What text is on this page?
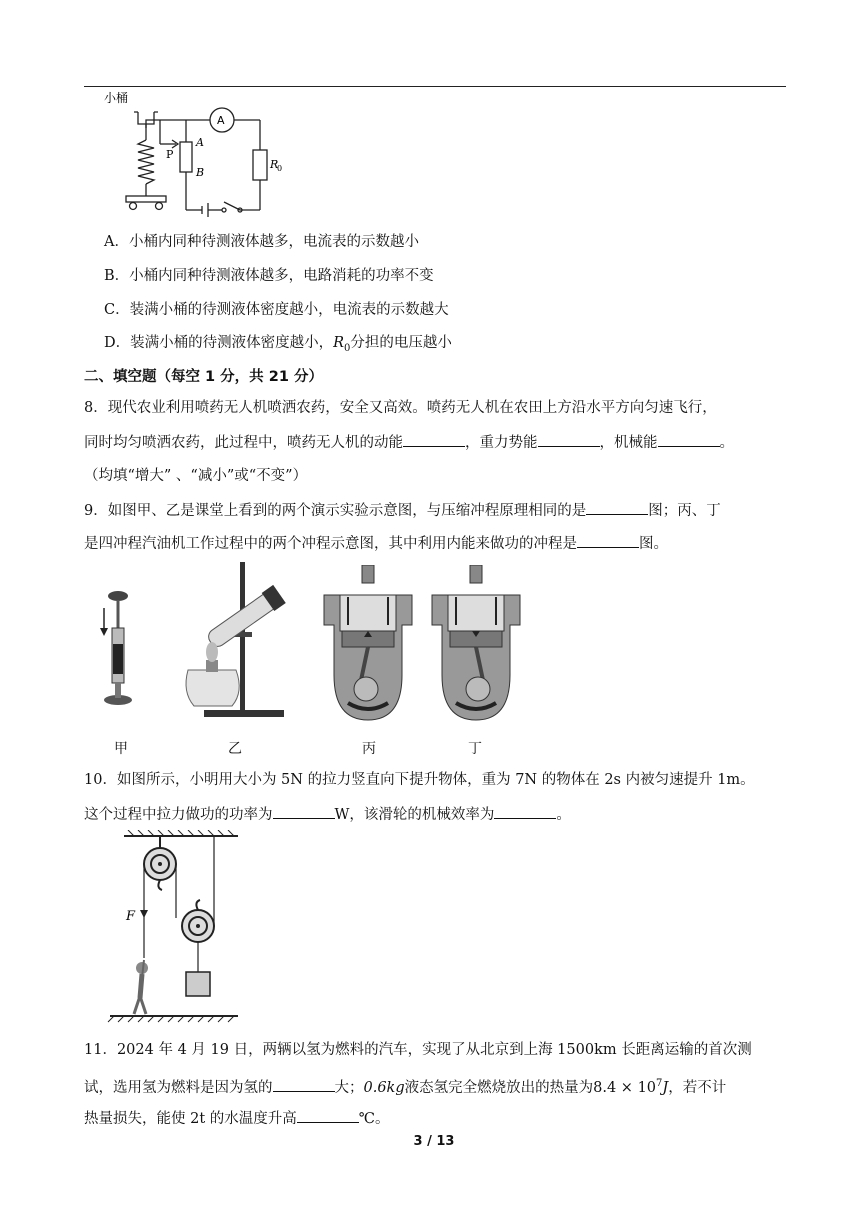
小桶
A
A
B
P
R
0
A．小桶内同种待测液体越多，电流表的示数越小
B．小桶内同种待测液体越多，电路消耗的功率不变
C．装满小桶的待测液体密度越小，电流表的示数越大
D．装满小桶的待测液体密度越小，$R_0$分担的电压越小
二、填空题（每空 1 分，共 21 分）
8．现代农业利用喷药无人机喷洒农药，安全又高效。喷药无人机在农田上方沿水平方向匀速飞行，
同时均匀喷洒农药，此过程中，喷药无人机的动能	，重力势能	，机械能	。
（均填“增大” 、“减小”或“不变”）
9．如图甲、乙是课堂上看到的两个演示实验示意图，与压缩冲程原理相同的是	图；丙、丁
是四冲程汽油机工作过程中的两个冲程示意图，其中利用内能来做功的冲程是	图。
甲	乙	丙	丁
10．如图所示，小明用大小为 5N 的拉力竖直向下提升物体，重为 7N 的物体在 2s 内被匀速提升 1m。
这个过程中拉力做功的功率为	W，该滑轮的机械效率为	。
F
11．2024 年 4 月 19 日，两辆以氢为燃料的汽车，实现了从北京到上海 1500km 长距离运输的首次测
试，选用氢为燃料是因为氢的	大；0.6kg液态氢完全燃烧放出的热量为$8.4 \times 10^7J$，若不计
热量损失，能使 2t 的水温度升高	℃。
3 / 13
